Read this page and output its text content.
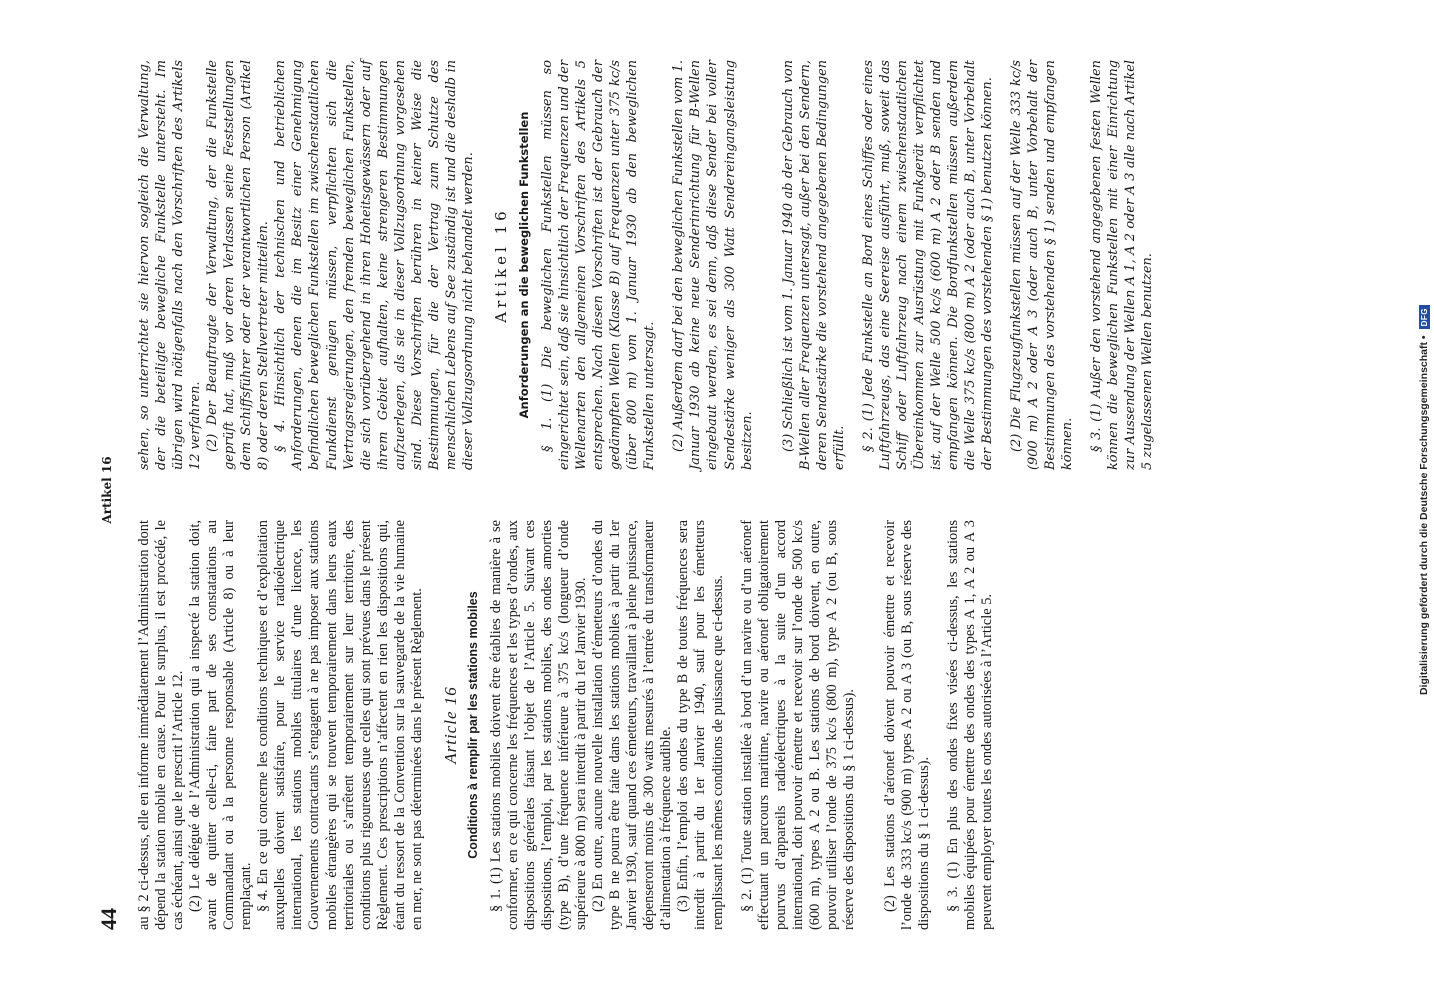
44
Artikel 16

au § 2 ci-dessus, elle en informe immédiatement l’Administration dont dépend la station mobile en cause. Pour le surplus, il est procédé, le cas échéant, ainsi que le prescrit l’Article 12. (2) Le délégué de l’Administration qui a inspecté la station doit, avant de quitter celle-ci, faire part de ses constatations au Commandant ou à la personne responsable (Article 8) ou à leur remplaçant. § 4. En ce qui concerne les conditions techniques et d’exploitation auxquelles doivent satisfaire, pour le service radioélectrique international, les stations mobiles titulaires d’une licence, les Gouvernements contractants s’engagent à ne pas imposer aux stations mobiles étrangères qui se trouvent temporairement dans leurs eaux territoriales ou s’arrêtent temporairement sur leur territoire, des conditions plus rigoureuses que celles qui sont prévues dans le présent Règlement. Ces prescriptions n’affectent en rien les dispositions qui, étant du ressort de la Convention sur la sauvegarde de la vie humaine en mer, ne sont pas déterminées dans le présent Règlement. Article 16 Conditions à remplir par les stations mobiles § 1. (1) Les stations mobiles doivent être établies de manière à se conformer, en ce qui concerne les fréquences et les types d’ondes, aux dispositions générales faisant l’objet de l’Article 5. Suivant ces dispositions, l’emploi, par les stations mobiles, des ondes amorties (type B), d’une fréquence inférieure à 375 kc/s (longueur d’onde supérieure à 800 m) sera interdit à partir du 1er Janvier 1930. (2) En outre, aucune nouvelle installation d’émetteurs d’ondes du type B ne pourra être faite dans les stations mobiles à partir du 1er Janvier 1930, sauf quand ces émetteurs, travaillant à pleine puissance, dépenseront moins de 300 watts mesurés à l’entrée du transformateur d’alimentation à fréquence audible. (3) Enfin, l’emploi des ondes du type B de toutes fréquences sera interdit à partir du 1er Janvier 1940, sauf pour les émetteurs remplissant les mêmes conditions de puissance que ci-dessus. § 2. (1) Toute station installée à bord d’un navire ou d’un aéronef effectuant un parcours maritime, navire ou aéronef obligatoirement pourvus d’appareils radioélectriques à la suite d’un accord international, doit pouvoir émettre et recevoir sur l’onde de 500 kc/s (600 m), types A 2 ou B. Les stations de bord doivent, en outre, pouvoir utiliser l’onde de 375 kc/s (800 m), type A 2 (ou B, sous réserve des dispositions du § 1 ci-dessus). (2) Les stations d’aéronef doivent pouvoir émettre et recevoir l’onde de 333 kc/s (900 m) types A 2 ou A 3 (ou B, sous réserve des dispositions du § 1 ci-dessus). § 3. (1) En plus des ondes fixes visées ci-dessus, les stations mobiles équipées pour émettre des ondes des types A 1, A 2 ou A 3 peuvent employer toutes les ondes autorisées à l’Article 5.

sehen, so unterrichtet sie hiervon sogleich die Verwaltung, der die beteiligte bewegliche Funkstelle untersteht. Im übrigen wird nötigenfalls nach den Vorschriften des Artikels 12 verfahren. (2) Der Beauftragte der Verwaltung, der die Funkstelle geprüft hat, muß vor deren Verlassen seine Feststellungen dem Schiffsführer oder der verantwortlichen Person (Artikel 8) oder deren Stellvertreter mitteilen. § 4. Hinsichtlich der technischen und betrieblichen Anforderungen, denen die im Besitz einer Genehmigung befindlichen beweglichen Funkstellen im zwischenstaatlichen Funkdienst genügen müssen, verpflichten sich die Vertragsregierungen, den fremden beweglichen Funkstellen, die sich vorübergehend in ihren Hoheitsgewässern oder auf ihrem Gebiet aufhalten, keine strengeren Bestimmungen aufzuerlegen, als sie in dieser Vollzugsordnung vorgesehen sind. Diese Vorschriften berühren in keiner Weise die Bestimmungen, für die der Vertrag zum Schutze des menschlichen Lebens auf See zuständig ist und die deshalb in dieser Vollzugsordnung nicht behandelt werden. Artikel 16 Anforderungen an die beweglichen Funkstellen § 1. (1) Die beweglichen Funkstellen müssen so eingerichtet sein, daß sie hinsichtlich der Frequenzen und der Wellenarten den allgemeinen Vorschriften des Artikels 5 entsprechen. Nach diesen Vorschriften ist der Gebrauch der gedämpften Wellen (Klasse B) auf Frequenzen unter 375 kc/s (über 800 m) vom 1. Januar 1930 ab den beweglichen Funkstellen untersagt. (2) Außerdem darf bei den beweglichen Funkstellen vom 1. Januar 1930 ab keine neue Senderinrichtung für B-Wellen eingebaut werden, es sei denn, daß diese Sender bei voller Sendestärke weniger als 300 Watt Sendereingangsleistung besitzen. (3) Schließlich ist vom 1. Januar 1940 ab der Gebrauch von B-Wellen aller Frequenzen untersagt, außer bei den Sendern, deren Sendestärke die vorstehend angegebenen Bedingungen erfüllt. § 2. (1) Jede Funkstelle an Bord eines Schiffes oder eines Luftfahrzeugs, das eine Seereise ausführt, muß, soweit das Schiff oder Luftfahrzeug nach einem zwischenstaatlichen Übereinkommen zur Ausrüstung mit Funkgerät verpflichtet ist, auf der Welle 500 kc/s (600 m) A 2 oder B senden und empfangen können. Die Bordfunkstellen müssen außerdem die Welle 375 kc/s (800 m) A 2 (oder auch B, unter Vorbehalt der Bestimmungen des vorstehenden § 1) benutzen können. (2) Die Flugzeugfunkstellen müssen auf der Welle 333 kc/s (900 m) A 2 oder A 3 (oder auch B, unter Vorbehalt der Bestimmungen des vorstehenden § 1) senden und empfangen können. § 3. (1) Außer den vorstehend angegebenen festen Wellen können die beweglichen Funkstellen mit einer Einrichtung zur Aussendung der Wellen A 1, A 2 oder A 3 alle nach Artikel 5 zugelassenen Wellen benutzen.	Digitalisierung gefördert durch die Deutsche Forschungsgemeinschaft •
DFG
